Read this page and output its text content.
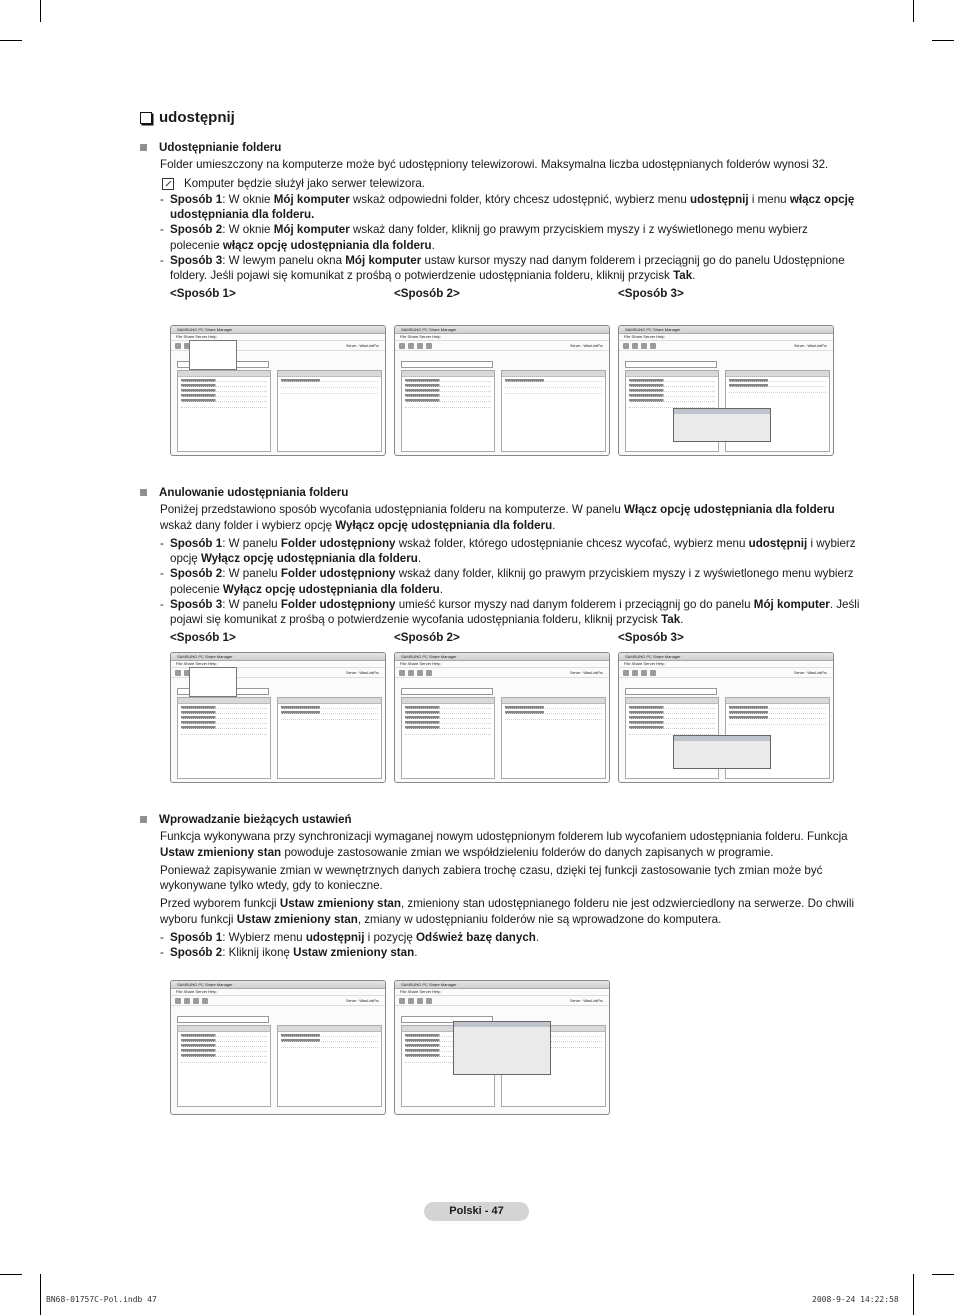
udostępnij
Udostępnianie folderu
Folder umieszczony na komputerze może być udostępniony telewizorowi. Maksymalna liczba udostępnianych folderów wynosi 32.
Komputer będzie służył jako serwer telewizora.
- Sposób 1: W oknie Mój komputer wskaż odpowiedni folder, który chcesz udostępnić, wybierz menu udostępnij i menu włącz opcję udostępniania dla folderu.
- Sposób 2: W oknie Mój komputer wskaż dany folder, kliknij go prawym przyciskiem myszy i z wyświetlonego menu wybierz polecenie włącz opcję udostępniania dla folderu.
- Sposób 3: W lewym panelu okna Mój komputer ustaw kursor myszy nad danym folderem i przeciągnij go do panelu Udostępnione foldery. Jeśli pojawi się komunikat z prośbą o potwierdzenie udostępniania folderu, kliknij przycisk Tak.
<Sposób 1>	<Sposób 2>	<Sposób 3>
SAMSUNG PC Share Manager
File Share Server Help
Server : WiseLinkPro
SAMSUNG PC Share Manager
File Share Server Help
Server : WiseLinkPro
SAMSUNG PC Share Manager
File Share Server Help
Server : WiseLinkPro
Anulowanie udostępniania folderu
Poniżej przedstawiono sposób wycofania udostępniania folderu na komputerze. W panelu Włącz opcję udostępniania dla folderu wskaż dany folder i wybierz opcję Wyłącz opcję udostępniania dla folderu.
- Sposób 1: W panelu Folder udostępniony wskaż folder, którego udostępnianie chcesz wycofać, wybierz menu udostępnij i wybierz opcję Wyłącz opcję udostępniania dla folderu.
- Sposób 2: W panelu Folder udostępniony wskaż dany folder, kliknij go prawym przyciskiem myszy i z wyświetlonego menu wybierz polecenie Wyłącz opcję udostępniania dla folderu.
- Sposób 3: W panelu Folder udostępniony umieść kursor myszy nad danym folderem i przeciągnij go do panelu Mój komputer. Jeśli pojawi się komunikat z prośbą o potwierdzenie wycofania udostępniania folderu, kliknij przycisk Tak.
<Sposób 1>	<Sposób 2>	<Sposób 3>
SAMSUNG PC Share Manager
File Share Server Help
Server : WiseLinkPro
SAMSUNG PC Share Manager
File Share Server Help
Server : WiseLinkPro
SAMSUNG PC Share Manager
File Share Server Help
Server : WiseLinkPro
Wprowadzanie bieżących ustawień
Funkcja wykonywana przy synchronizacji wymaganej nowym udostępnionym folderem lub wycofaniem udostępniania folderu. Funkcja Ustaw zmieniony stan powoduje zastosowanie zmian we współdzieleniu folderów do danych zapisanych w programie.
Ponieważ zapisywanie zmian w wewnętrznych danych zabiera trochę czasu, dzięki tej funkcji zastosowanie tych zmian może być wykonywane tylko wtedy, gdy to konieczne.
Przed wyborem funkcji Ustaw zmieniony stan, zmieniony stan udostępnianego folderu nie jest odzwierciedlony na serwerze. Do chwili wyboru funkcji Ustaw zmieniony stan, zmiany w udostępnianiu folderów nie są wprowadzone do komputera.
- Sposób 1: Wybierz menu udostępnij i pozycję Odśwież bazę danych.
- Sposób 2: Kliknij ikonę Ustaw zmieniony stan.
SAMSUNG PC Share Manager
File Share Server Help
Server : WiseLinkPro
SAMSUNG PC Share Manager
File Share Server Help
Server : WiseLinkPro
Polski - 47
BN68-01757C-Pol.indb 47	2008-9-24 14:22:58
